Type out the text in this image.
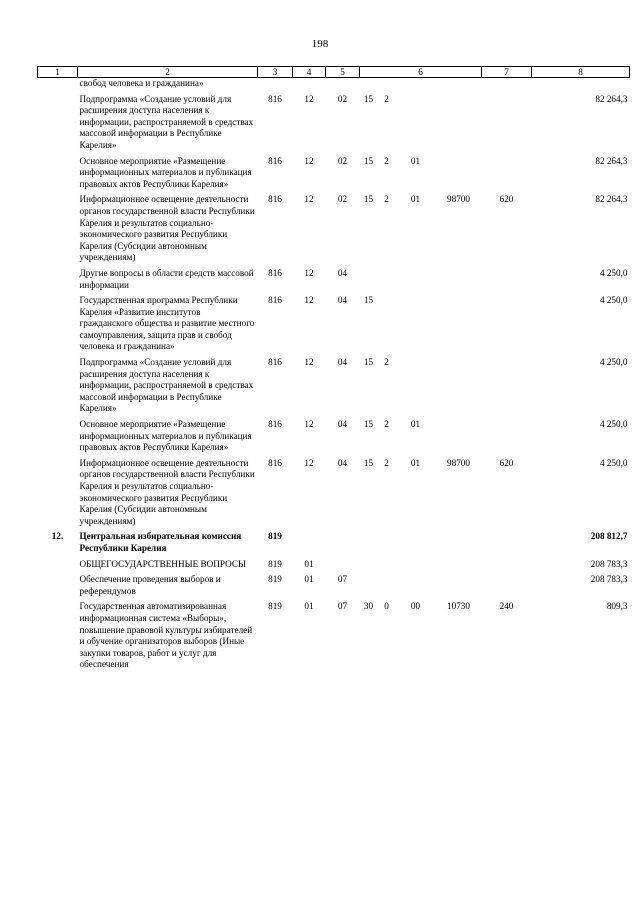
198
1	2	3	4	5	6	7	8
	свобод человека и гражданина»				

	Подпрограмма «Создание условий для расширения доступа населения к информации, распространяемой в средствах массовой информации в Республике Карелия»	816	12	02	15 2		82 264,3
	Основное мероприятие «Размещение информационных материалов и публикация правовых актов Республики Карелия»	816	12	02	15 2 01		82 264,3
	Информационное освещение деятельности органов государственной власти Республики Карелия и результатов социально-экономического развития Республики Карелия (Субсидии автономным учреждениям)	816	12	02	15 2 01 98700	620	82 264,3
	Другие вопросы в области средств массовой информации	816	12	04			4 250,0
	Государственная программа Республики Карелия «Развитие институтов гражданского общества и развитие местного самоуправления, защита прав и свобод человека и гражданина»	816	12	04	15		4 250,0
	Подпрограмма «Создание условий для расширения доступа населения к информации, распространяемой в средствах массовой информации в Республике Карелия»	816	12	04	15 2		4 250,0
	Основное мероприятие «Размещение информационных материалов и публикация правовых актов Республики Карелия»	816	12	04	15 2 01		4 250,0
	Информационное освещение деятельности органов государственной власти Республики Карелия и результатов социально-экономического развития Республики Карелия (Субсидии автономным учреждениям)	816	12	04	15 2 01 98700	620	4 250,0
12.	Центральная избирательная комиссия Республики Карелия	819					208 812,7
	ОБЩЕГОСУДАРСТВЕННЫЕ ВОПРОСЫ	819	01				208 783,3
	Обеспечение проведения выборов и референдумов	819	01	07			208 783,3
	Государственная автоматизированная информационная система «Выборы», повышение правовой культуры избирателей и обучение организаторов выборов (Иные закупки товаров, работ и услуг для обеспечения	819	01	07	30 0 00 10730	240	809,3
